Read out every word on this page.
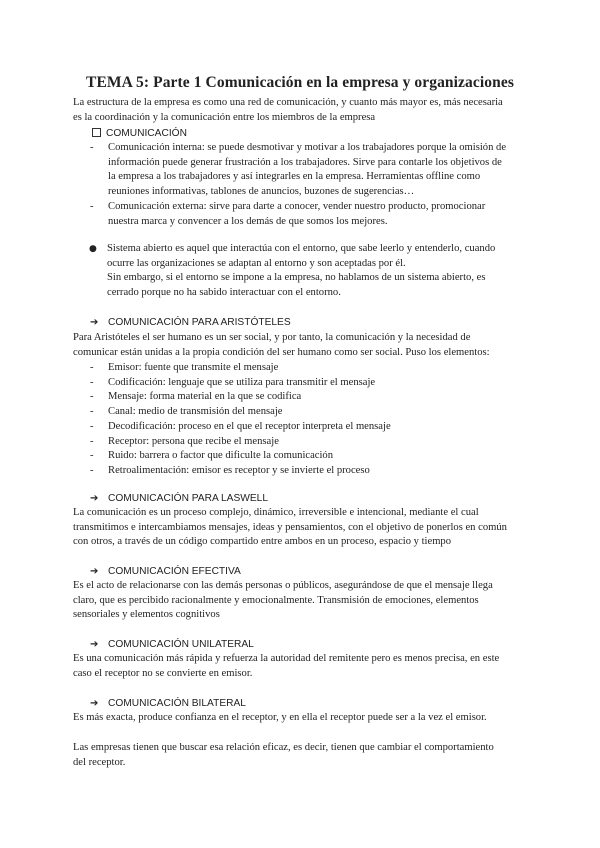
TEMA 5: Parte 1 Comunicación en la empresa y organizaciones
La estructura de la empresa es como una red de comunicación, y cuanto más mayor es, más necesaria
es la coordinación y la comunicación entre los miembros de la empresa
COMUNICACIÓN
- Comunicación interna: se puede desmotivar y motivar a los trabajadores porque la omisión de
información puede generar frustración a los trabajadores. Sirve para contarle los objetivos de
la empresa a los trabajadores y así integrarles en la empresa. Herramientas offline como
reuniones informativas, tablones de anuncios, buzones de sugerencias…
- Comunicación externa: sirve para darte a conocer, vender nuestro producto, promocionar
nuestra marca y convencer a los demás de que somos los mejores.
● Sistema abierto es aquel que interactúa con el entorno, que sabe leerlo y entenderlo, cuando
ocurre las organizaciones se adaptan al entorno y son aceptadas por él.
Sin embargo, si el entorno se impone a la empresa, no hablamos de un sistema abierto, es
cerrado porque no ha sabido interactuar con el entorno.
➔ COMUNICACIÓN PARA ARISTÓTELES
Para Aristóteles el ser humano es un ser social, y por tanto, la comunicación y la necesidad de
comunicar están unidas a la propia condición del ser humano como ser social. Puso los elementos:
- Emisor: fuente que transmite el mensaje
- Codificación: lenguaje que se utiliza para transmitir el mensaje
- Mensaje: forma material en la que se codifica
- Canal: medio de transmisión del mensaje
- Decodificación: proceso en el que el receptor interpreta el mensaje
- Receptor: persona que recibe el mensaje
- Ruido: barrera o factor que dificulte la comunicación
- Retroalimentación: emisor es receptor y se invierte el proceso
➔ COMUNICACIÓN PARA LASWELL
La comunicación es un proceso complejo, dinámico, irreversible e intencional, mediante el cual
transmitimos e intercambiamos mensajes, ideas y pensamientos, con el objetivo de ponerlos en común
con otros, a través de un código compartido entre ambos en un proceso, espacio y tiempo
➔ COMUNICACIÓN EFECTIVA
Es el acto de relacionarse con las demás personas o públicos, asegurándose de que el mensaje llega
claro, que es percibido racionalmente y emocionalmente. Transmisión de emociones, elementos
sensoriales y elementos cognitivos
➔ COMUNICACIÓN UNILATERAL
Es una comunicación más rápida y refuerza la autoridad del remitente pero es menos precisa, en este
caso el receptor no se convierte en emisor.
➔ COMUNICACIÓN BILATERAL
Es más exacta, produce confianza en el receptor, y en ella el receptor puede ser a la vez el emisor.
Las empresas tienen que buscar esa relación eficaz, es decir, tienen que cambiar el comportamiento
del receptor.
